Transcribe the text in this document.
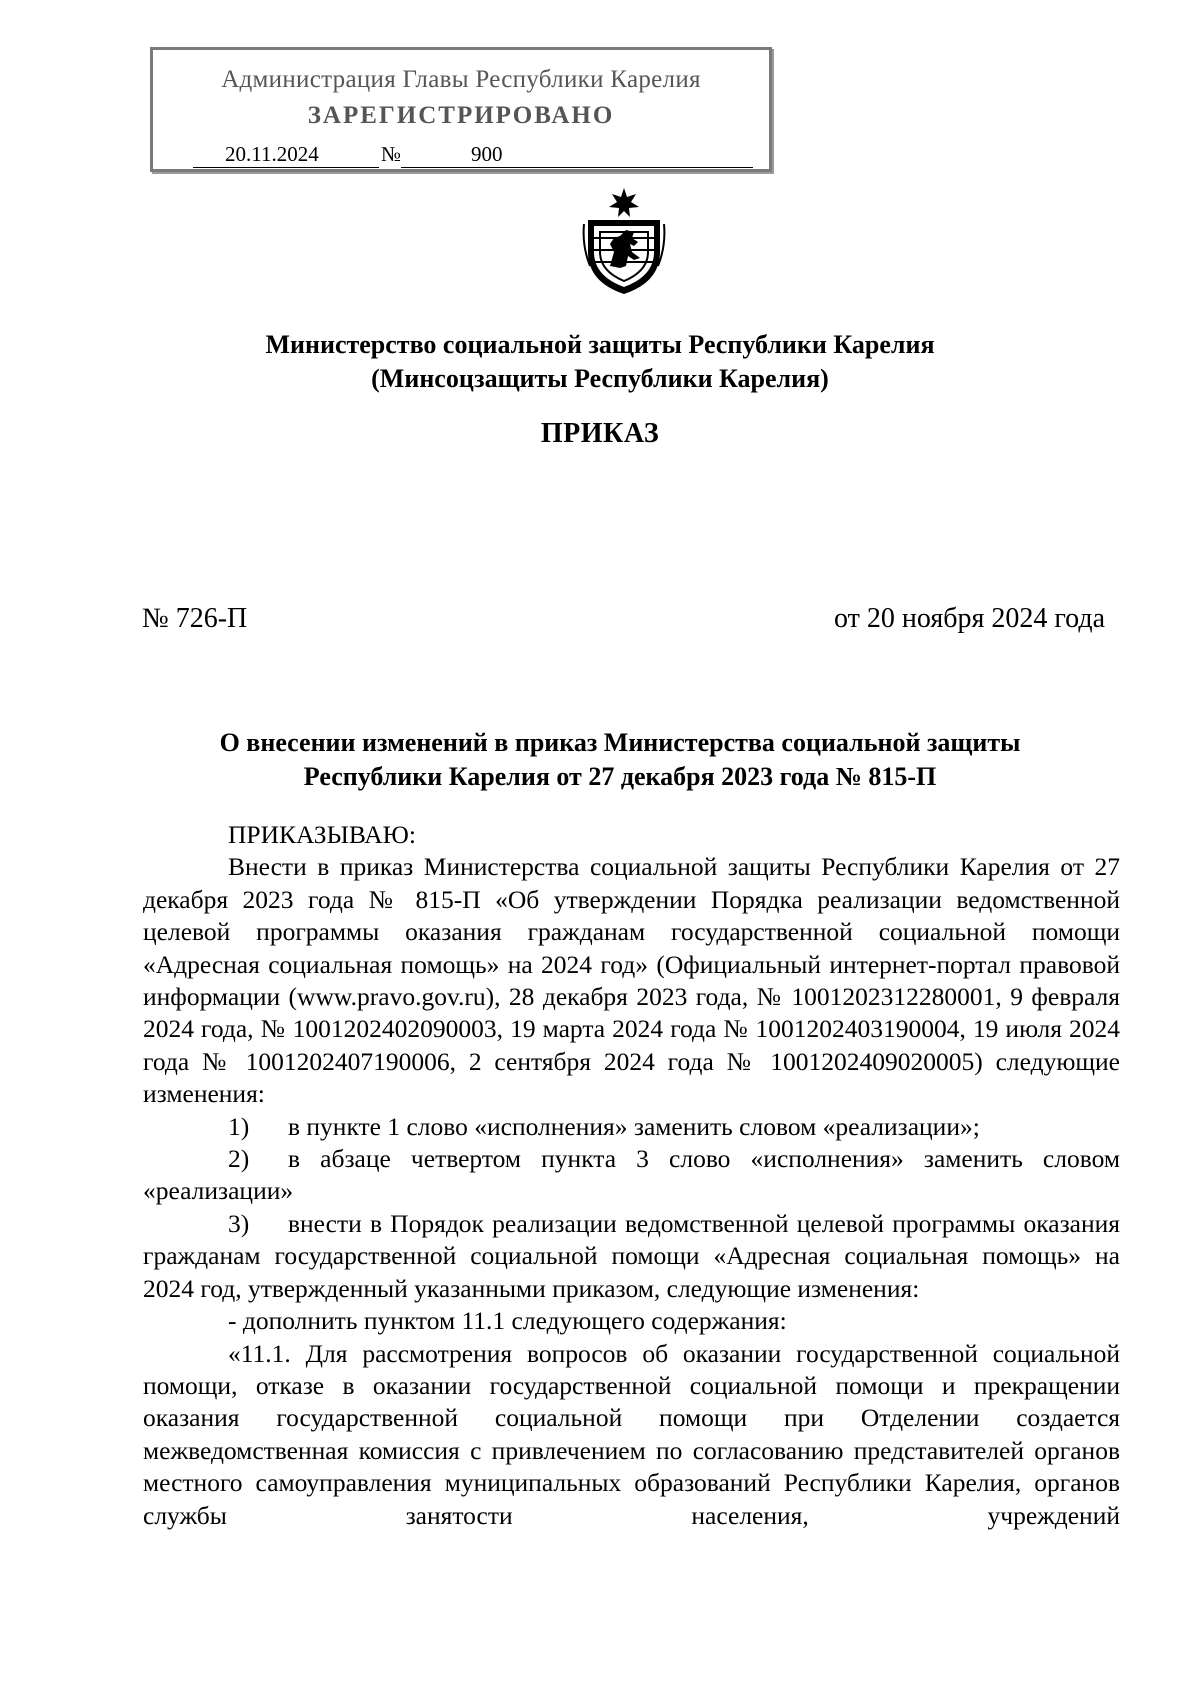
Администрация Главы Республики Карелия
ЗАРЕГИСТРИРОВАНО
20.11.2024	№	900
Министерство социальной защиты Республики Карелия
(Минсоцзащиты Республики Карелия)
ПРИКАЗ
№ 726-П	от 20 ноября 2024 года
О внесении изменений в приказ Министерства социальной защиты
Республики Карелия от 27 декабря 2023 года № 815-П

ПРИКАЗЫВАЮ:

Внести в приказ Министерства социальной защиты Республики Карелия от 27 декабря 2023 года № 815-П «Об утверждении Порядка реализации ведомственной целевой программы оказания гражданам государственной социальной помощи «Адресная социальная помощь» на 2024 год» (Официальный интернет-портал правовой информации (www.pravo.gov.ru), 28 декабря 2023 года, № 1001202312280001, 9 февраля 2024 года, № 1001202402090003, 19 марта 2024 года № 1001202403190004, 19 июля 2024 года № 1001202407190006, 2 сентября 2024 года № 1001202409020005) следующие изменения:

1) в пункте 1 слово «исполнения» заменить словом «реализации»;

2) в абзаце четвертом пункта 3 слово «исполнения» заменить словом «реализации»

3) внести в Порядок реализации ведомственной целевой программы оказания гражданам государственной социальной помощи «Адресная социальная помощь» на 2024 год, утвержденный указанными приказом, следующие изменения:

- дополнить пунктом 11.1 следующего содержания:

«11.1. Для рассмотрения вопросов об оказании государственной социальной помощи, отказе в оказании государственной социальной помощи и прекращении оказания государственной социальной помощи при Отделении создается межведомственная комиссия с привлечением по согласованию представителей органов местного самоуправления муниципальных образований Республики Карелия, органов службы занятости населения, учреждений
